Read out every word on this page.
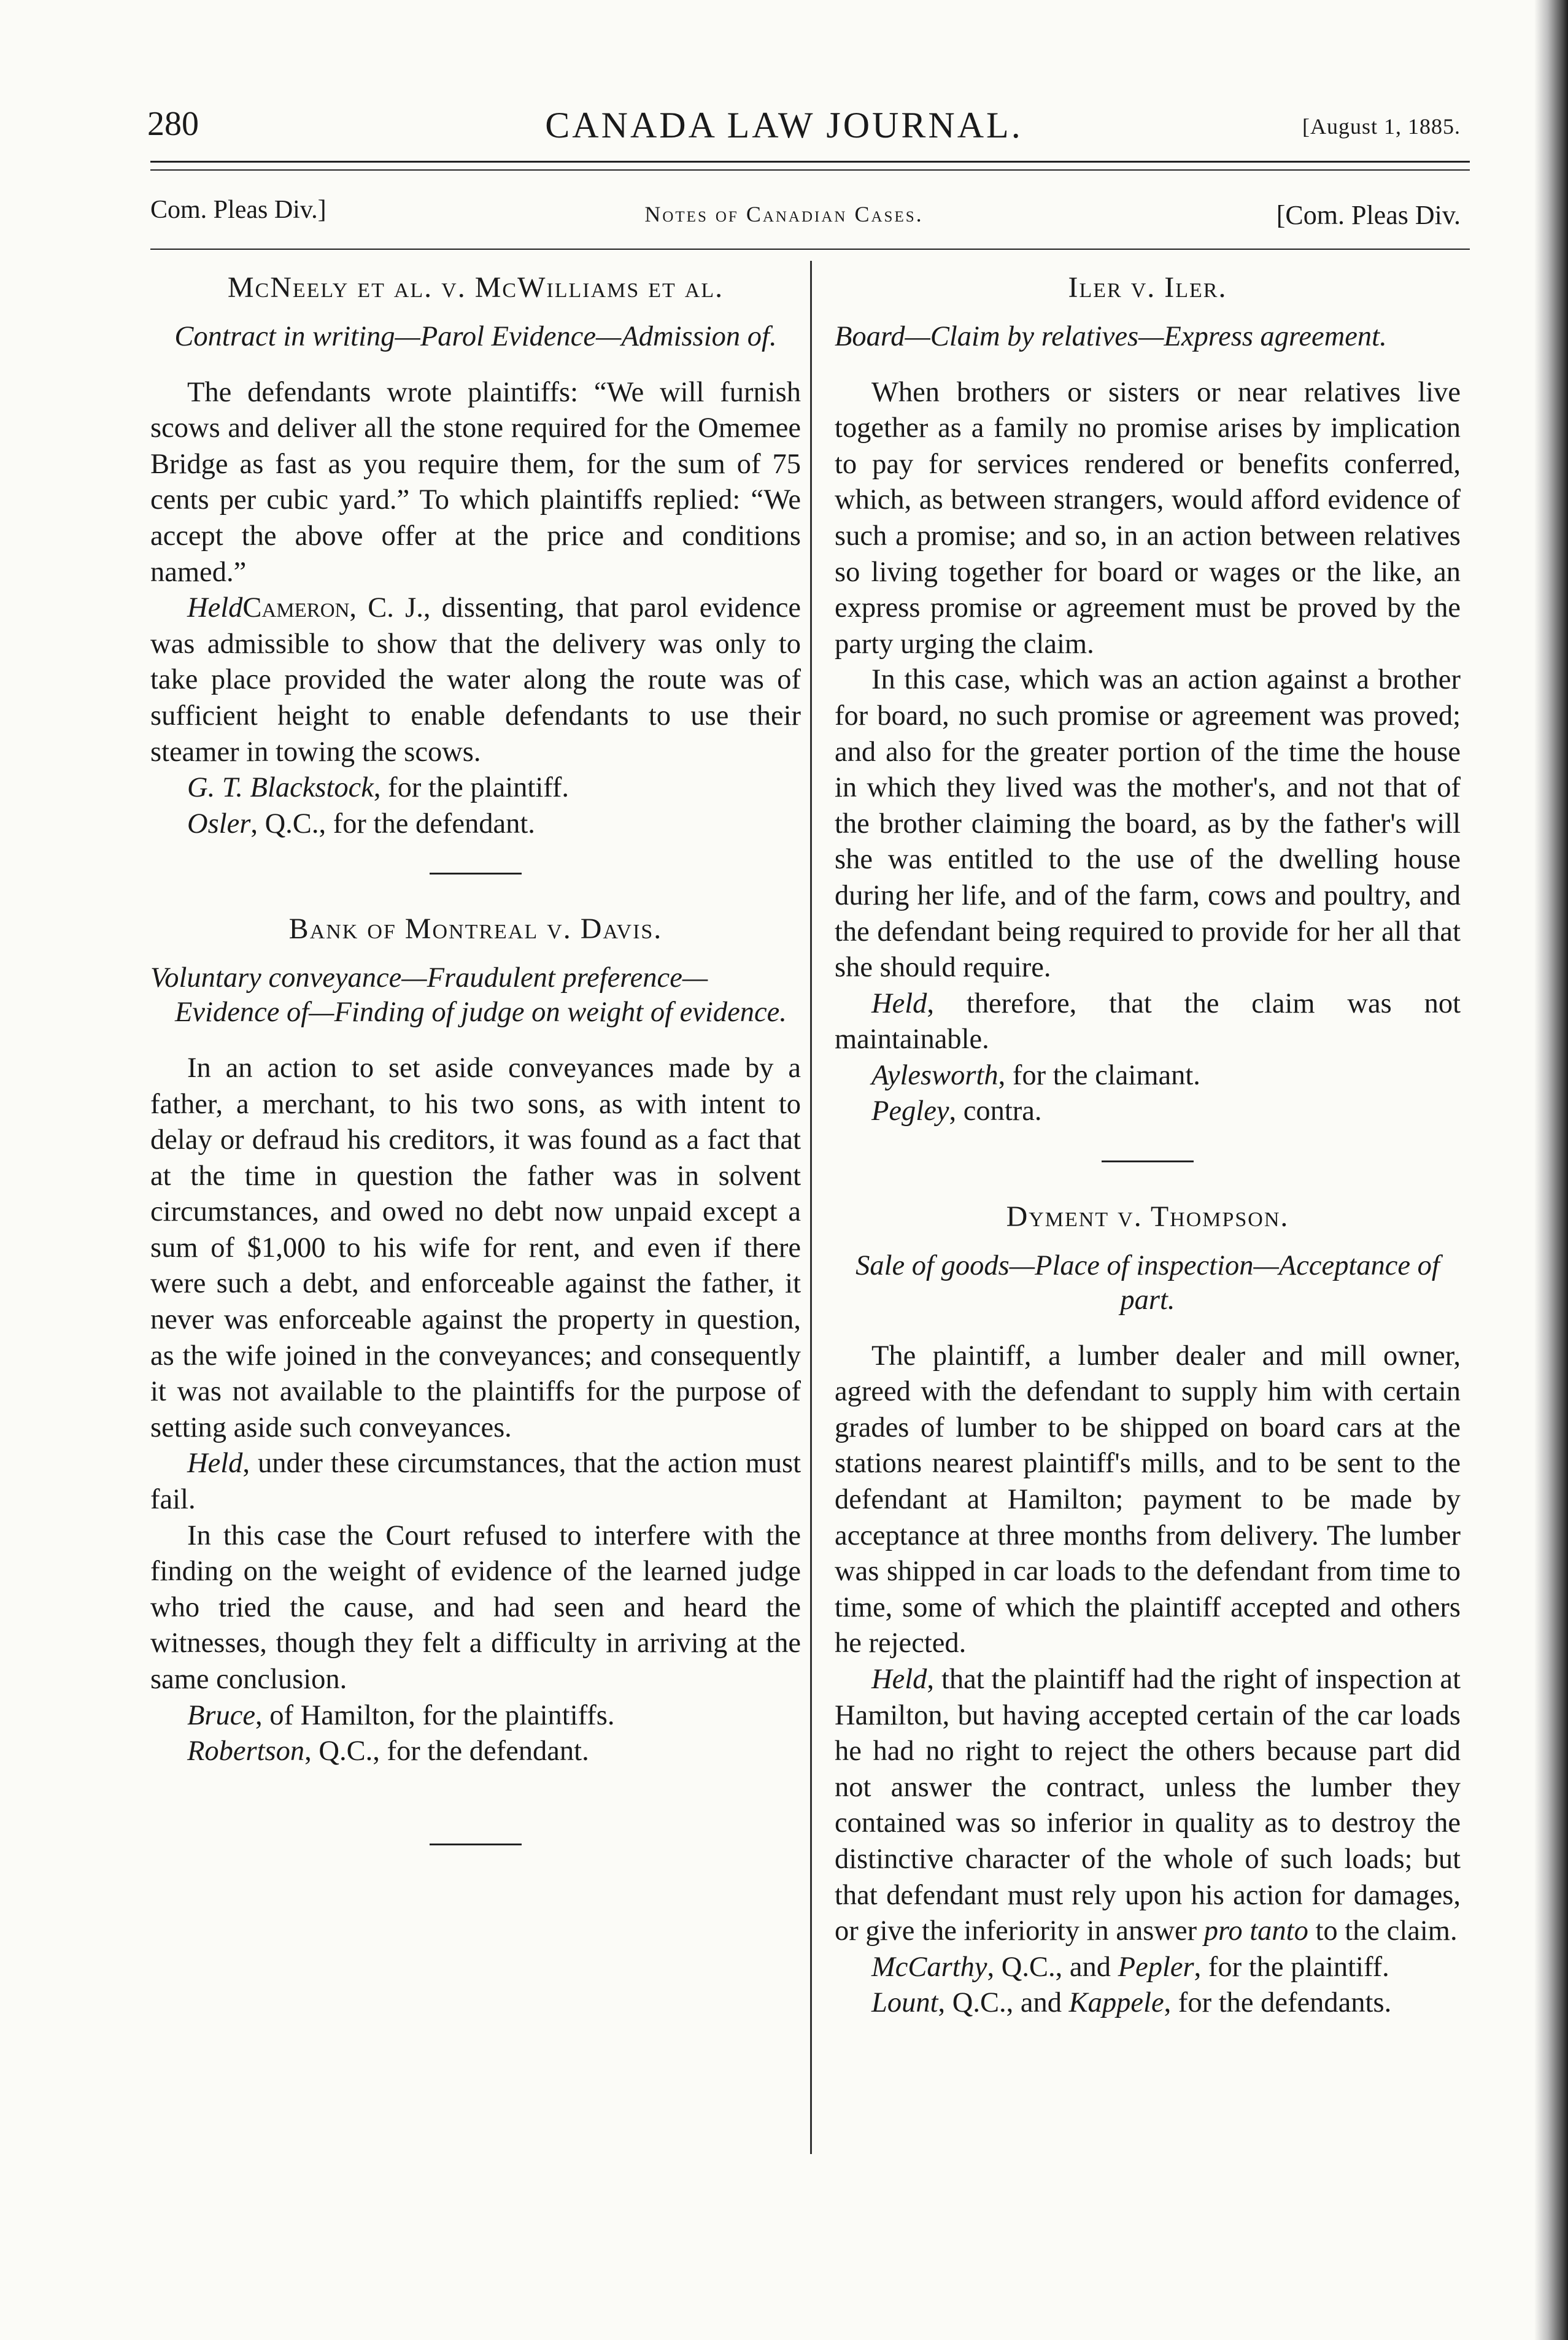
280	CANADA LAW JOURNAL.	[August 1, 1885.
Com. Pleas Div.]	Notes of Canadian Cases.	[Com. Pleas Div.
McNeely et al. v. McWilliams et al.
Contract in writing—Parol Evidence—Admission of.

The defendants wrote plaintiffs: “We will furnish scows and deliver all the stone required for the Omemee Bridge as fast as you require them, for the sum of 75 cents per cubic yard.” To which plaintiffs replied: “We accept the above offer at the price and conditions named.”

HeldCameron, C. J., dissenting, that parol evidence was admissible to show that the delivery was only to take place provided the water along the route was of sufficient height to enable defendants to use their steamer in towing the scows.

G. T. Blackstock, for the plaintiff.

Osler, Q.C., for the defendant.

Bank of Montreal v. Davis.
Voluntary conveyance—Fraudulent preference—Evidence of—Finding of judge on weight of evidence.

In an action to set aside conveyances made by a father, a merchant, to his two sons, as with intent to delay or defraud his creditors, it was found as a fact that at the time in question the father was in solvent circumstances, and owed no debt now unpaid except a sum of $1,000 to his wife for rent, and even if there were such a debt, and enforceable against the father, it never was enforceable against the property in question, as the wife joined in the conveyances; and consequently it was not available to the plaintiffs for the purpose of setting aside such conveyances.

Held, under these circumstances, that the action must fail.

In this case the Court refused to interfere with the finding on the weight of evidence of the learned judge who tried the cause, and had seen and heard the witnesses, though they felt a difficulty in arriving at the same conclusion.

Bruce, of Hamilton, for the plaintiffs.

Robertson, Q.C., for the defendant.

Iler v. Iler.
Board—Claim by relatives—Express agreement.

When brothers or sisters or near relatives live together as a family no promise arises by implication to pay for services rendered or benefits conferred, which, as between strangers, would afford evidence of such a promise; and so, in an action between relatives so living together for board or wages or the like, an express promise or agreement must be proved by the party urging the claim.

In this case, which was an action against a brother for board, no such promise or agreement was proved; and also for the greater portion of the time the house in which they lived was the mother's, and not that of the brother claiming the board, as by the father's will she was entitled to the use of the dwelling house during her life, and of the farm, cows and poultry, and the defendant being required to provide for her all that she should require.

Held, therefore, that the claim was not maintainable.

Aylesworth, for the claimant.

Pegley, contra.

Dyment v. Thompson.
Sale of goods—Place of inspection—Acceptance of part.

The plaintiff, a lumber dealer and mill owner, agreed with the defendant to supply him with certain grades of lumber to be shipped on board cars at the stations nearest plaintiff's mills, and to be sent to the defendant at Hamilton; payment to be made by acceptance at three months from delivery. The lumber was shipped in car loads to the defendant from time to time, some of which the plaintiff accepted and others he rejected.

Held, that the plaintiff had the right of inspection at Hamilton, but having accepted certain of the car loads he had no right to reject the others because part did not answer the contract, unless the lumber they contained was so inferior in quality as to destroy the distinctive character of the whole of such loads; but that defendant must rely upon his action for damages, or give the inferiority in answer pro tanto to the claim.

McCarthy, Q.C., and Pepler, for the plaintiff.

Lount, Q.C., and Kappele, for the defendants.
